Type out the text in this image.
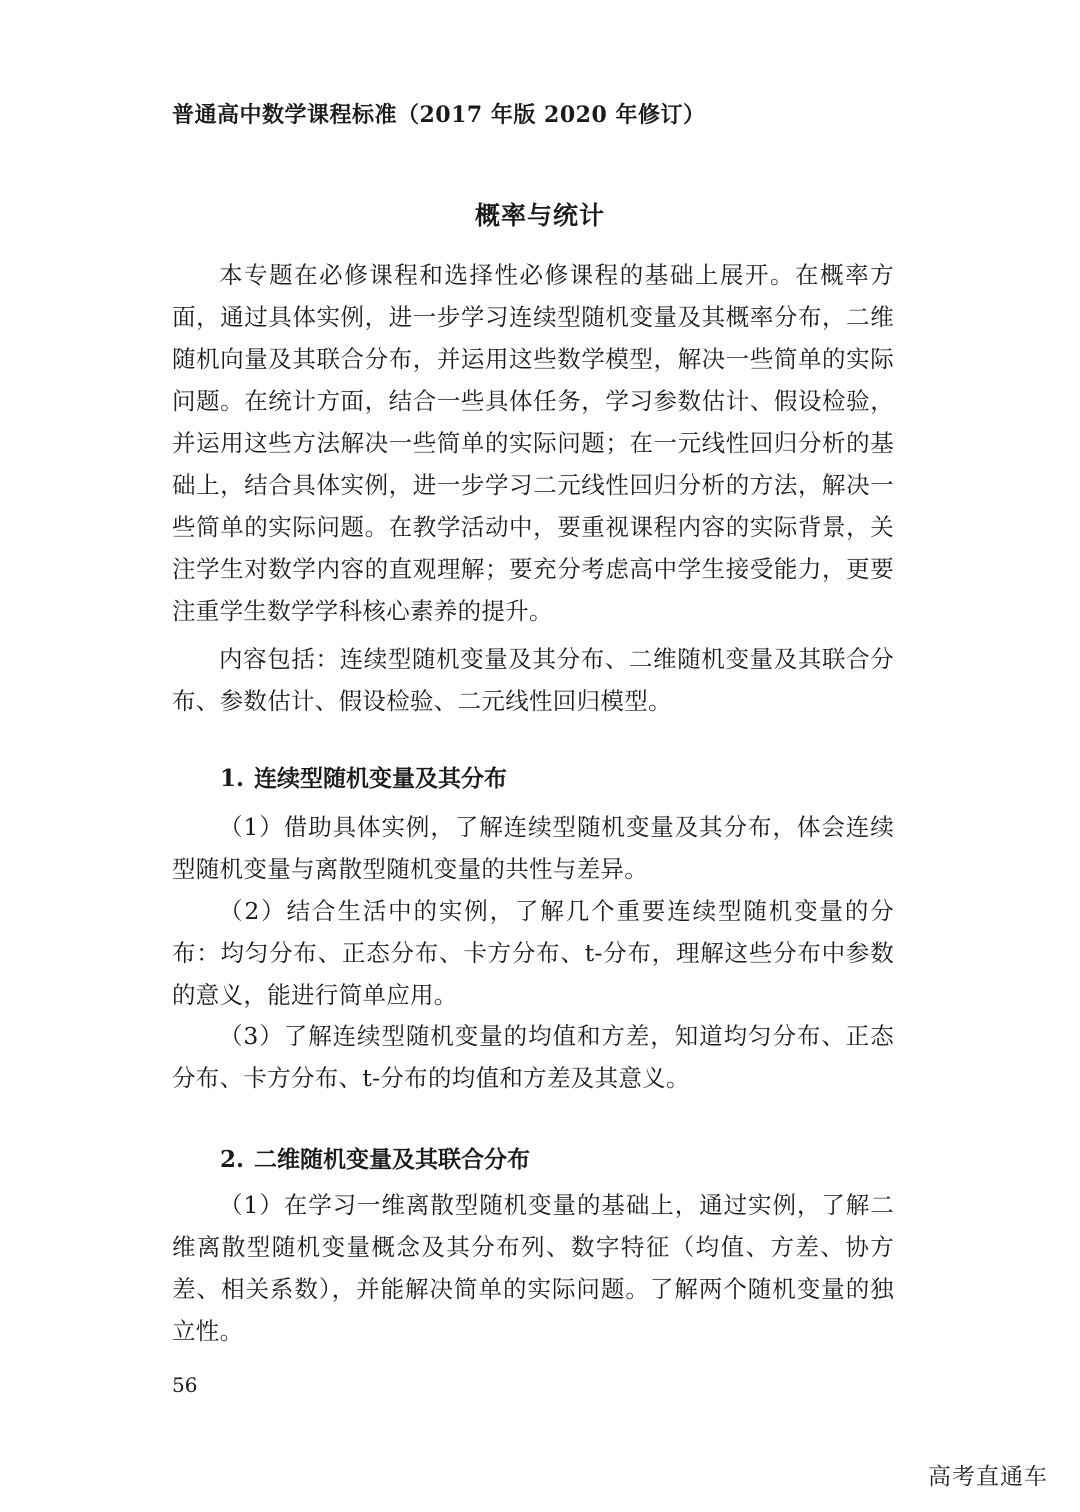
普通高中数学课程标准（2017 年版 2020 年修订）
概率与统计

本专题在必修课程和选择性必修课程的基础上展开。在概率方面，通过具体实例，进一步学习连续型随机变量及其概率分布，二维随机向量及其联合分布，并运用这些数学模型，解决一些简单的实际问题。在统计方面，结合一些具体任务，学习参数估计、假设检验，并运用这些方法解决一些简单的实际问题；在一元线性回归分析的基础上，结合具体实例，进一步学习二元线性回归分析的方法，解决一些简单的实际问题。在教学活动中，要重视课程内容的实际背景，关注学生对数学内容的直观理解；要充分考虑高中学生接受能力，更要注重学生数学学科核心素养的提升。

内容包括：连续型随机变量及其分布、二维随机变量及其联合分布、参数估计、假设检验、二元线性回归模型。

1. 连续型随机变量及其分布

（1）借助具体实例，了解连续型随机变量及其分布，体会连续型随机变量与离散型随机变量的共性与差异。

（2）结合生活中的实例，了解几个重要连续型随机变量的分布：均匀分布、正态分布、卡方分布、t-分布，理解这些分布中参数的意义，能进行简单应用。

（3）了解连续型随机变量的均值和方差，知道均匀分布、正态分布、卡方分布、t-分布的均值和方差及其意义。

2. 二维随机变量及其联合分布

（1）在学习一维离散型随机变量的基础上，通过实例，了解二维离散型随机变量概念及其分布列、数字特征（均值、方差、协方差、相关系数），并能解决简单的实际问题。了解两个随机变量的独立性。

56
高考直通车
